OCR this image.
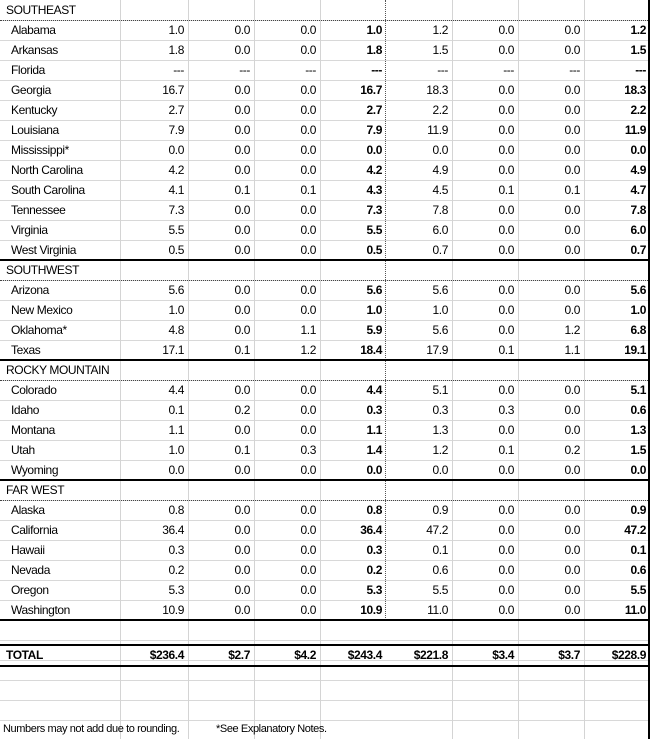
SOUTHEAST
Alabama	1.0	0.0	0.0	1.0	1.2	0.0	0.0	1.2
Arkansas	1.8	0.0	0.0	1.8	1.5	0.0	0.0	1.5
Florida	---	---	---	---	---	---	---	---
Georgia	16.7	0.0	0.0	16.7	18.3	0.0	0.0	18.3
Kentucky	2.7	0.0	0.0	2.7	2.2	0.0	0.0	2.2
Louisiana	7.9	0.0	0.0	7.9	11.9	0.0	0.0	11.9
Mississippi*	0.0	0.0	0.0	0.0	0.0	0.0	0.0	0.0
North Carolina	4.2	0.0	0.0	4.2	4.9	0.0	0.0	4.9
South Carolina	4.1	0.1	0.1	4.3	4.5	0.1	0.1	4.7
Tennessee	7.3	0.0	0.0	7.3	7.8	0.0	0.0	7.8
Virginia	5.5	0.0	0.0	5.5	6.0	0.0	0.0	6.0
West Virginia	0.5	0.0	0.0	0.5	0.7	0.0	0.0	0.7
SOUTHWEST
Arizona	5.6	0.0	0.0	5.6	5.6	0.0	0.0	5.6
New Mexico	1.0	0.0	0.0	1.0	1.0	0.0	0.0	1.0
Oklahoma*	4.8	0.0	1.1	5.9	5.6	0.0	1.2	6.8
Texas	17.1	0.1	1.2	18.4	17.9	0.1	1.1	19.1
ROCKY MOUNTAIN
Colorado	4.4	0.0	0.0	4.4	5.1	0.0	0.0	5.1
Idaho	0.1	0.2	0.0	0.3	0.3	0.3	0.0	0.6
Montana	1.1	0.0	0.0	1.1	1.3	0.0	0.0	1.3
Utah	1.0	0.1	0.3	1.4	1.2	0.1	0.2	1.5
Wyoming	0.0	0.0	0.0	0.0	0.0	0.0	0.0	0.0
FAR WEST
Alaska	0.8	0.0	0.0	0.8	0.9	0.0	0.0	0.9
California	36.4	0.0	0.0	36.4	47.2	0.0	0.0	47.2
Hawaii	0.3	0.0	0.0	0.3	0.1	0.0	0.0	0.1
Nevada	0.2	0.0	0.0	0.2	0.6	0.0	0.0	0.6
Oregon	5.3	0.0	0.0	5.3	5.5	0.0	0.0	5.5
Washington	10.9	0.0	0.0	10.9	11.0	0.0	0.0	11.0
TOTAL	$236.4	$2.7	$4.2	$243.4	$221.8	$3.4	$3.7	$228.9
Numbers may not add due to rounding.	*See Explanatory Notes.
